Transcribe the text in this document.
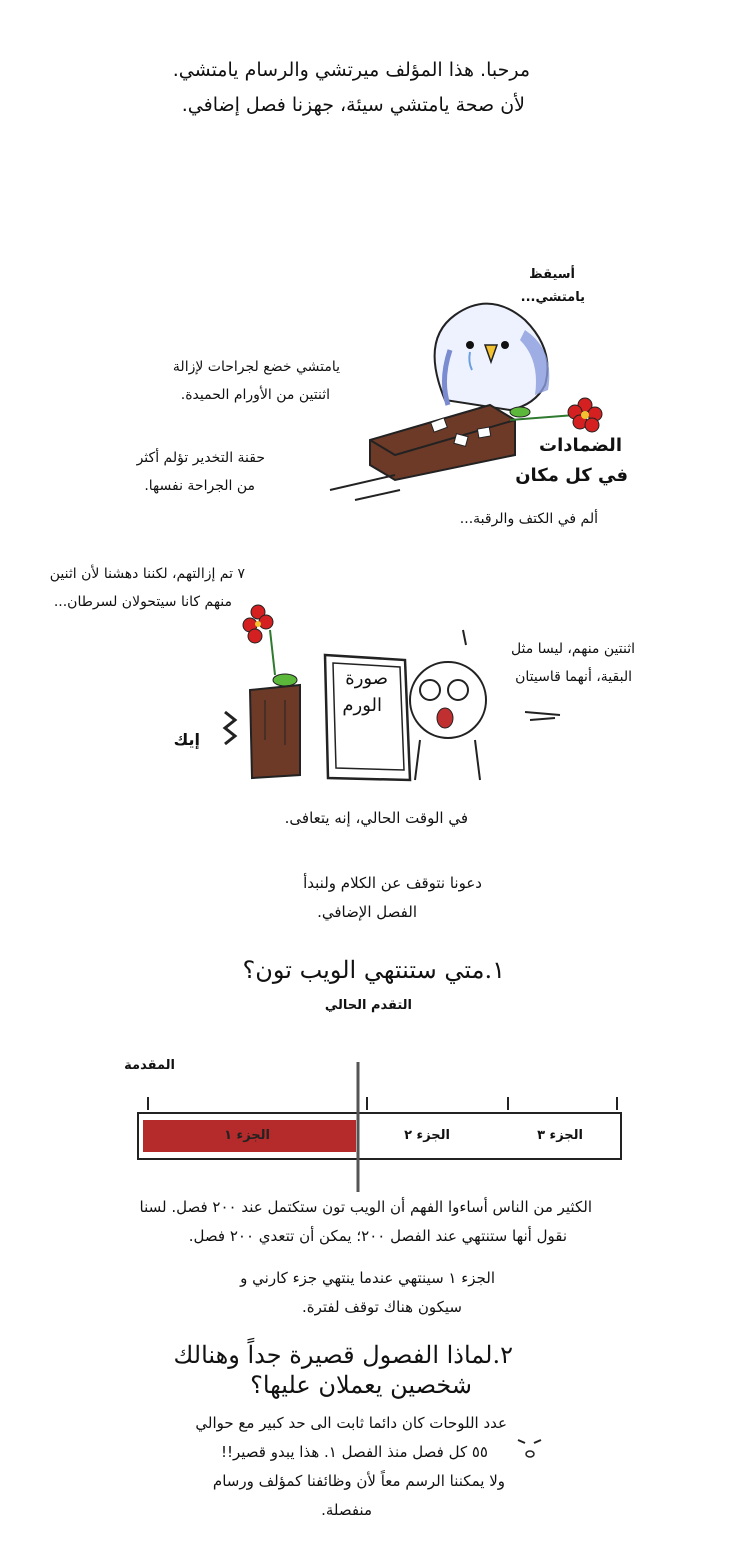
مرحبا. هذا المؤلف ميرتشي والرسام يامتشي.
لأن صحة يامتشي سيئة، جهزنا فصل إضافي.
أسيقظ
يامتشي...
يامتشي خضع لجراحات لإزالة
اثنتين من الأورام الحميدة.
حقنة التخدير تؤلم أكثر
من الجراحة نفسها.
الضمادات
في كل مكان
ألم في الكتف والرقبة...
٧ تم إزالتهم، لكننا دهشنا لأن اثنين
منهم كانا سيتحولان لسرطان...
اثنتين منهم، ليسا مثل
البقية، أنهما قاسيتان
صورة
الورم
إيك
في الوقت الحالي، إنه يتعافى.
دعونا نتوقف عن الكلام ولنبدأ
الفصل الإضافي.
١.متي ستنتهي الويب تون؟
التقدم الحالي
المقدمة
الجزء ١	الجزء ٢	الجزء ٣
الكثير من الناس أساءوا الفهم أن الويب تون ستكتمل عند ٢٠٠ فصل. لسنا
نقول أنها ستنتهي عند الفصل ٢٠٠؛ يمكن أن تتعدي ٢٠٠ فصل.
الجزء ١ سينتهي عندما ينتهي جزء كارني و
سيكون هناك توقف لفترة.
٢.لماذا الفصول قصيرة جداً وهنالك
شخصين يعملان عليها؟
عدد اللوحات كان دائما ثابت الى حد كبير مع حوالي
٥٥ كل فصل منذ الفصل ١. هذا يبدو قصير!!
ولا يمكننا الرسم معاً لأن وظائفنا كمؤلف ورسام
منفصلة.
